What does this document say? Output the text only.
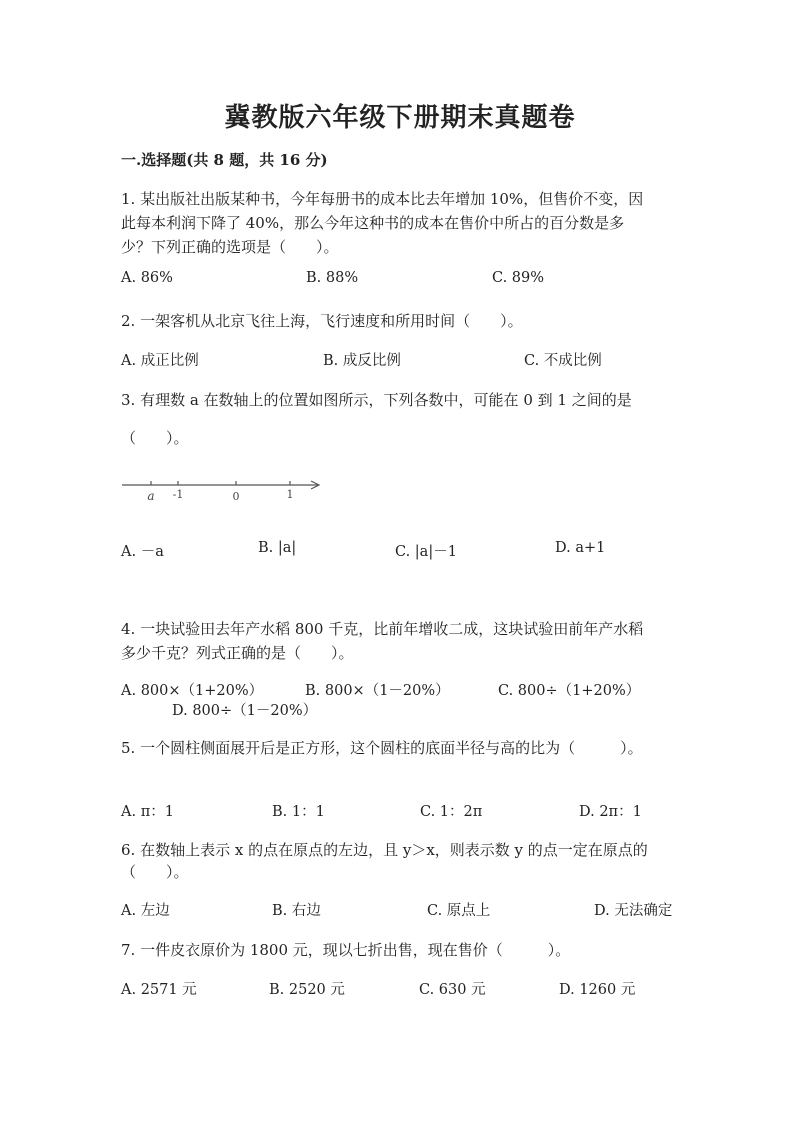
冀教版六年级下册期末真题卷
一.选择题(共 8 题，共 16 分)
1. 某出版社出版某种书，今年每册书的成本比去年增加 10%，但售价不变，因
此每本利润下降了 40%，那么今年这种书的成本在售价中所占的百分数是多
少？下列正确的选项是（　　）。
A. 86%	B. 88%	C. 89%
2. 一架客机从北京飞往上海，飞行速度和所用时间（　　）。
A. 成正比例	B. 成反比例	C. 不成比例
3. 有理数 a 在数轴上的位置如图所示，下列各数中，可能在 0 到 1 之间的是
（　　）。
a -1	0	1
A. －a	B. |a|	C. |a|－1	D. a+1
4. 一块试验田去年产水稻 800 千克，比前年增收二成，这块试验田前年产水稻
多少千克？列式正确的是（　　）。
A. 800×（1+20%）	B. 800×（1－20%）	C. 800÷（1+20%）
D. 800÷（1－20%）
5. 一个圆柱侧面展开后是正方形，这个圆柱的底面半径与高的比为（　　　）。
A. π：1	B. 1：1	C. 1：2π	D. 2π：1
6. 在数轴上表示 x 的点在原点的左边，且 y＞x，则表示数 y 的点一定在原点的
（　　）。
A. 左边	B. 右边	C. 原点上	D. 无法确定
7. 一件皮衣原价为 1800 元，现以七折出售，现在售价（　　　）。
A. 2571 元	B. 2520 元	C. 630 元	D. 1260 元
